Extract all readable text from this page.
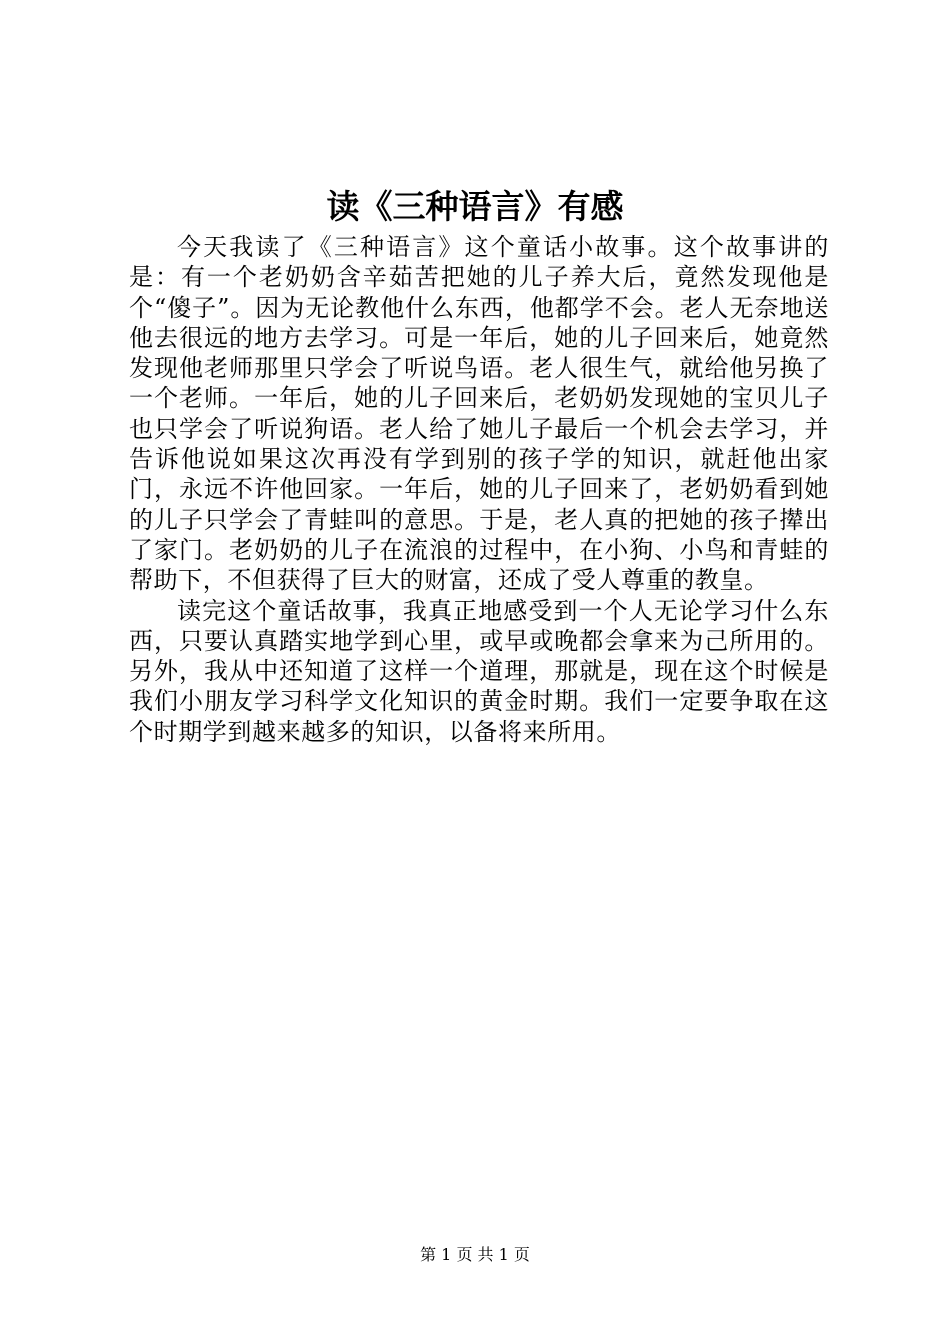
读《三种语言》有感

今天我读了《三种语言》这个童话小故事。这个故事讲的是：有一个老奶奶含辛茹苦把她的儿子养大后，竟然发现他是个“傻子”。因为无论教他什么东西，他都学不会。老人无奈地送他去很远的地方去学习。可是一年后，她的儿子回来后，她竟然发现他老师那里只学会了听说鸟语。老人很生气，就给他另换了一个老师。一年后，她的儿子回来后，老奶奶发现她的宝贝儿子也只学会了听说狗语。老人给了她儿子最后一个机会去学习，并告诉他说如果这次再没有学到别的孩子学的知识，就赶他出家门，永远不许他回家。一年后，她的儿子回来了，老奶奶看到她的儿子只学会了青蛙叫的意思。于是，老人真的把她的孩子撵出了家门。老奶奶的儿子在流浪的过程中，在小狗、小鸟和青蛙的帮助下，不但获得了巨大的财富，还成了受人尊重的教皇。

读完这个童话故事，我真正地感受到一个人无论学习什么东西，只要认真踏实地学到心里，或早或晚都会拿来为己所用的。另外，我从中还知道了这样一个道理，那就是，现在这个时候是我们小朋友学习科学文化知识的黄金时期。我们一定要争取在这个时期学到越来越多的知识，以备将来所用。

第 1 页 共 1 页
